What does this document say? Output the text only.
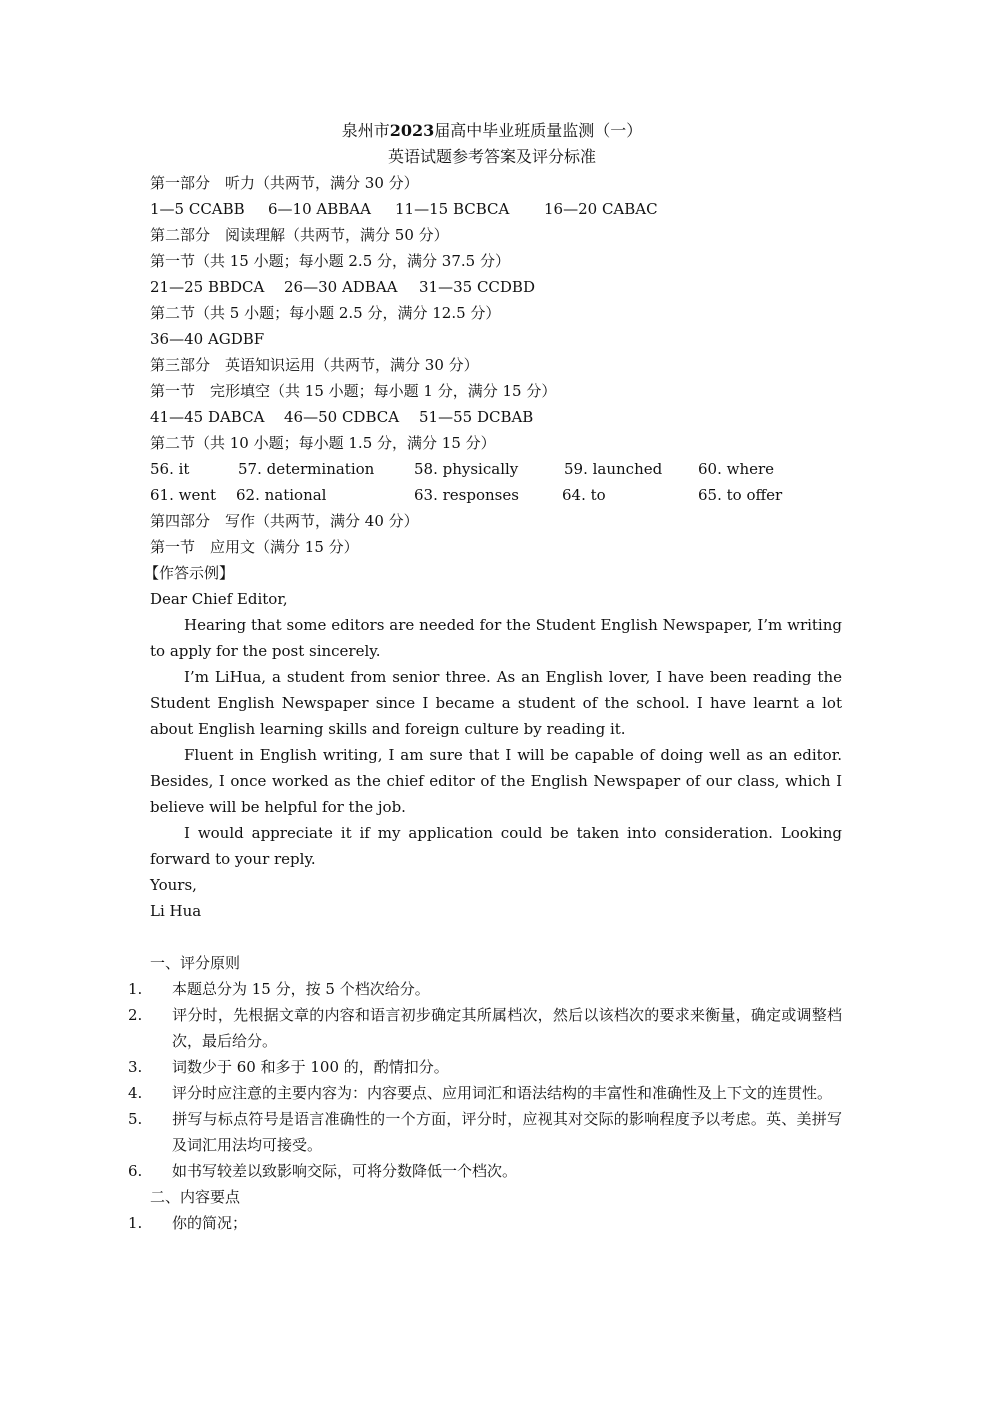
泉州市2023届高中毕业班质量监测（一）
英语试题参考答案及评分标准
第一部分　听力（共两节，满分 30 分）
1—5 CCABB 6—10 ABBAA 11—15 BCBCA 16—20 CABAC
第二部分　阅读理解（共两节，满分 50 分）
第一节（共 15 小题；每小题 2.5 分，满分 37.5 分）
21—25 BBDCA 26—30 ADBAA 31—35 CCDBD
第二节（共 5 小题；每小题 2.5 分，满分 12.5 分）
36—40 AGDBF
第三部分　英语知识运用（共两节，满分 30 分）
第一节　完形填空（共 15 小题；每小题 1 分，满分 15 分）
41—45 DABCA 46—50 CDBCA 51—55 DCBAB
第二节（共 10 小题；每小题 1.5 分，满分 15 分）
56. it	57. determination	58. physically	59. launched 60. where
61. went 62. national	63. responses	64. to	65. to offer
第四部分　写作（共两节，满分 40 分）
第一节　应用文（满分 15 分）
【作答示例】
Dear Chief Editor,
Hearing that some editors are needed for the Student English Newspaper, I’m writing to apply for the post sincerely.
I’m LiHua, a student from senior three. As an English lover, I have been reading the Student English Newspaper since I became a student of the school. I have learnt a lot about English learning skills and foreign culture by reading it.
Fluent in English writing, I am sure that I will be capable of doing well as an editor. Besides, I once worked as the chief editor of the English Newspaper of our class, which I believe will be helpful for the job.
I would appreciate it if my application could be taken into consideration. Looking forward to your reply.
Yours,
Li Hua
一、评分原则
1. 本题总分为 15 分，按 5 个档次给分。
2. 评分时，先根据文章的内容和语言初步确定其所属档次，然后以该档次的要求来衡量，确定或调整档次，最后给分。
3. 词数少于 60 和多于 100 的，酌情扣分。
4. 评分时应注意的主要内容为：内容要点、应用词汇和语法结构的丰富性和准确性及上下文的连贯性。
5. 拼写与标点符号是语言准确性的一个方面，评分时，应视其对交际的影响程度予以考虑。英、美拼写及词汇用法均可接受。
6. 如书写较差以致影响交际，可将分数降低一个档次。
二、内容要点
1. 你的简况；
